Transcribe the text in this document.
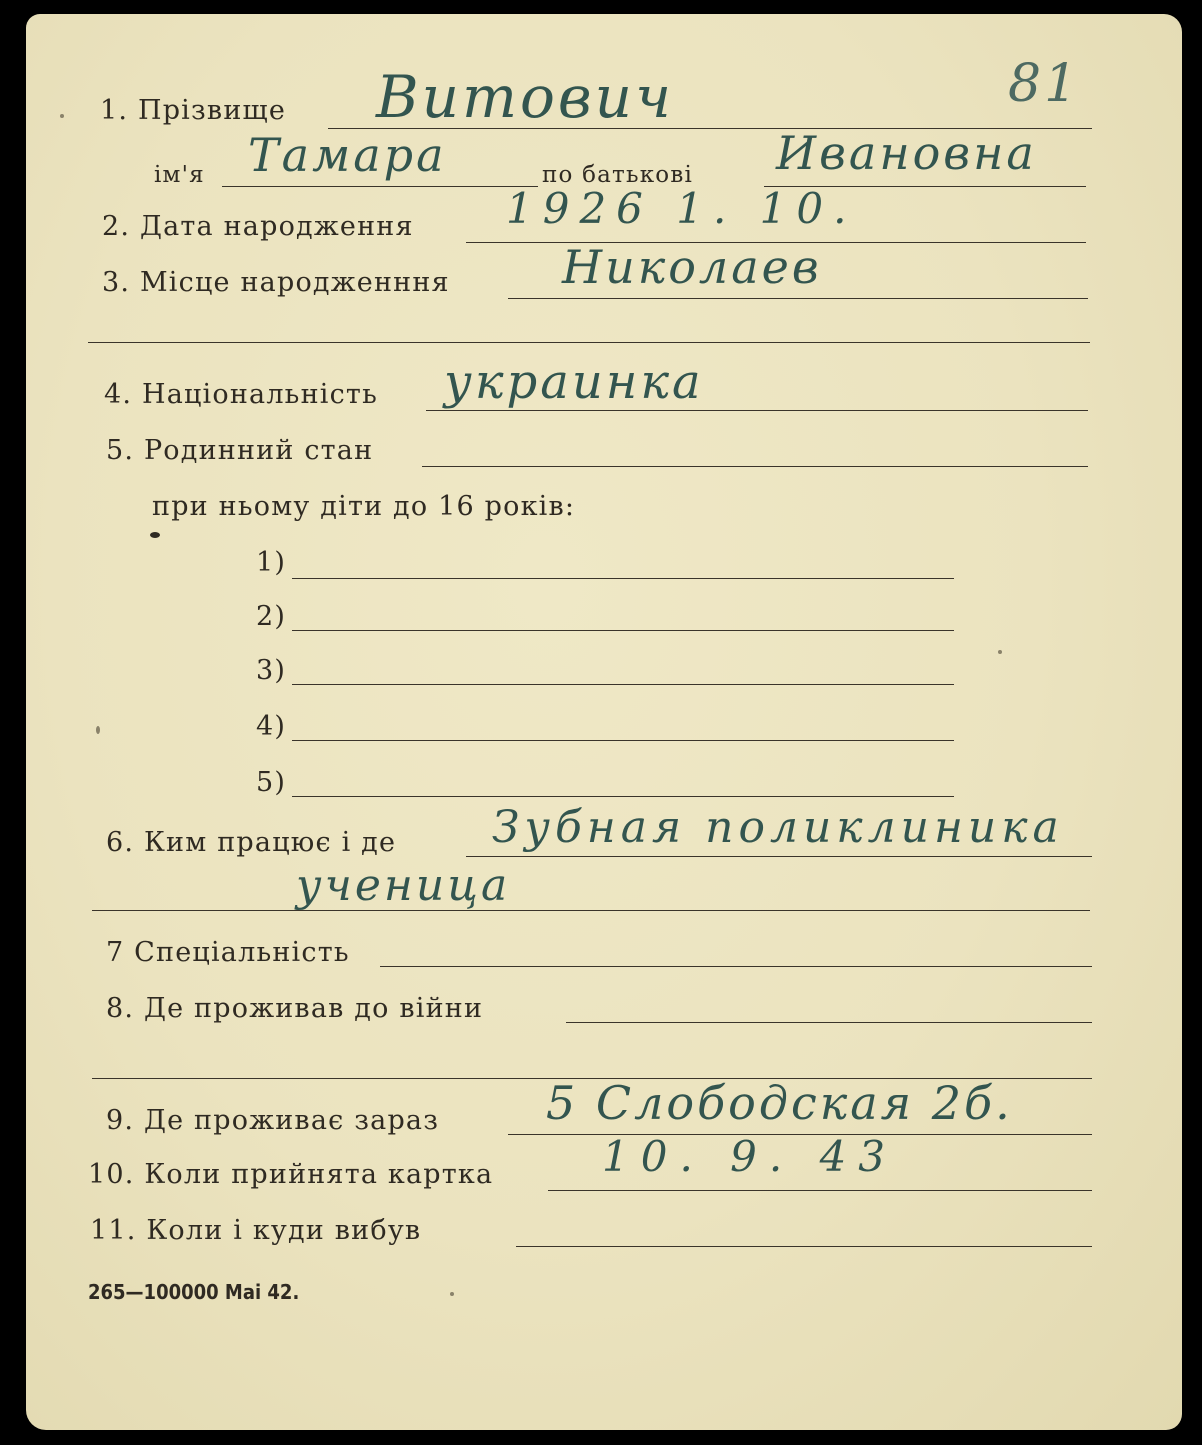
81
1. Прізвище Витович
ім'я Тамара	по батькові Ивановна
2. Дата народження 1926 1. 10.
3. Місце народженння Николаев
4. Національність украинка
5. Родинний стан
при ньому діти до 16 років:
1)
2)
3)
4)
5)
6. Ким працює і де Зубная поликлиника
ученица
7 Спеціальність
8. Де проживав до війни
9. Де проживає зараз 5 Слободская 2б.
10. Коли прийнята картка	10. 9. 43
11. Коли і куди вибув
265—100000 Mai 42.
